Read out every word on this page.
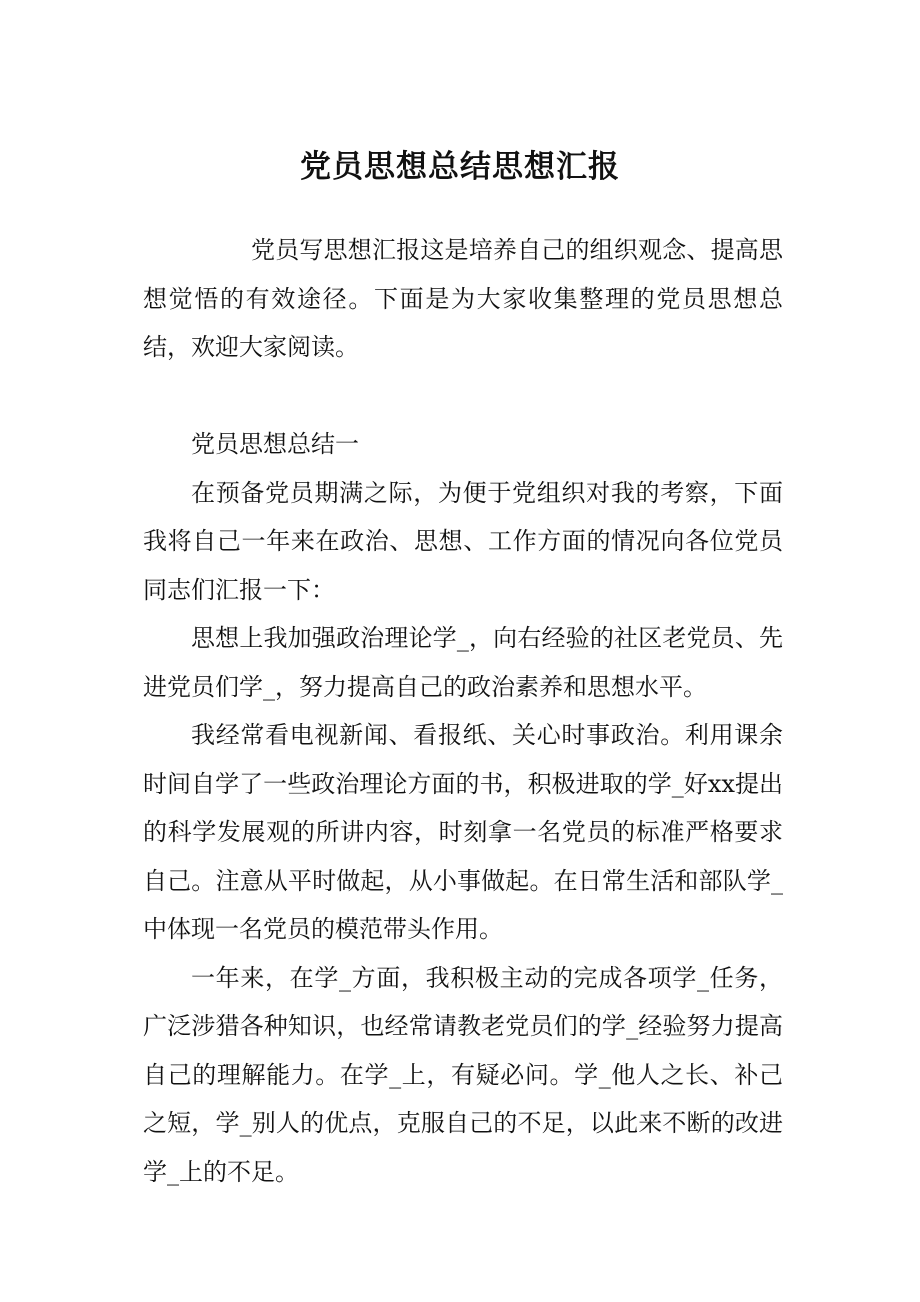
党员思想总结思想汇报

党员写思想汇报这是培养自己的组织观念、提高思想觉悟的有效途径。下面是为大家收集整理的党员思想总结，欢迎大家阅读。

党员思想总结一

在预备党员期满之际，为便于党组织对我的考察，下面我将自己一年来在政治、思想、工作方面的情况向各位党员同志们汇报一下：

思想上我加强政治理论学_，向右经验的社区老党员、先进党员们学_，努力提高自己的政治素养和思想水平。

我经常看电视新闻、看报纸、关心时事政治。利用课余时间自学了一些政治理论方面的书，积极进取的学_好xx提出的科学发展观的所讲内容，时刻拿一名党员的标准严格要求自己。注意从平时做起，从小事做起。在日常生活和部队学_中体现一名党员的模范带头作用。

一年来，在学_方面，我积极主动的完成各项学_任务，广泛涉猎各种知识，也经常请教老党员们的学_经验努力提高自己的理解能力。在学_上，有疑必问。学_他人之长、补己之短，学_别人的优点，克服自己的不足，以此来不断的改进学_上的不足。
